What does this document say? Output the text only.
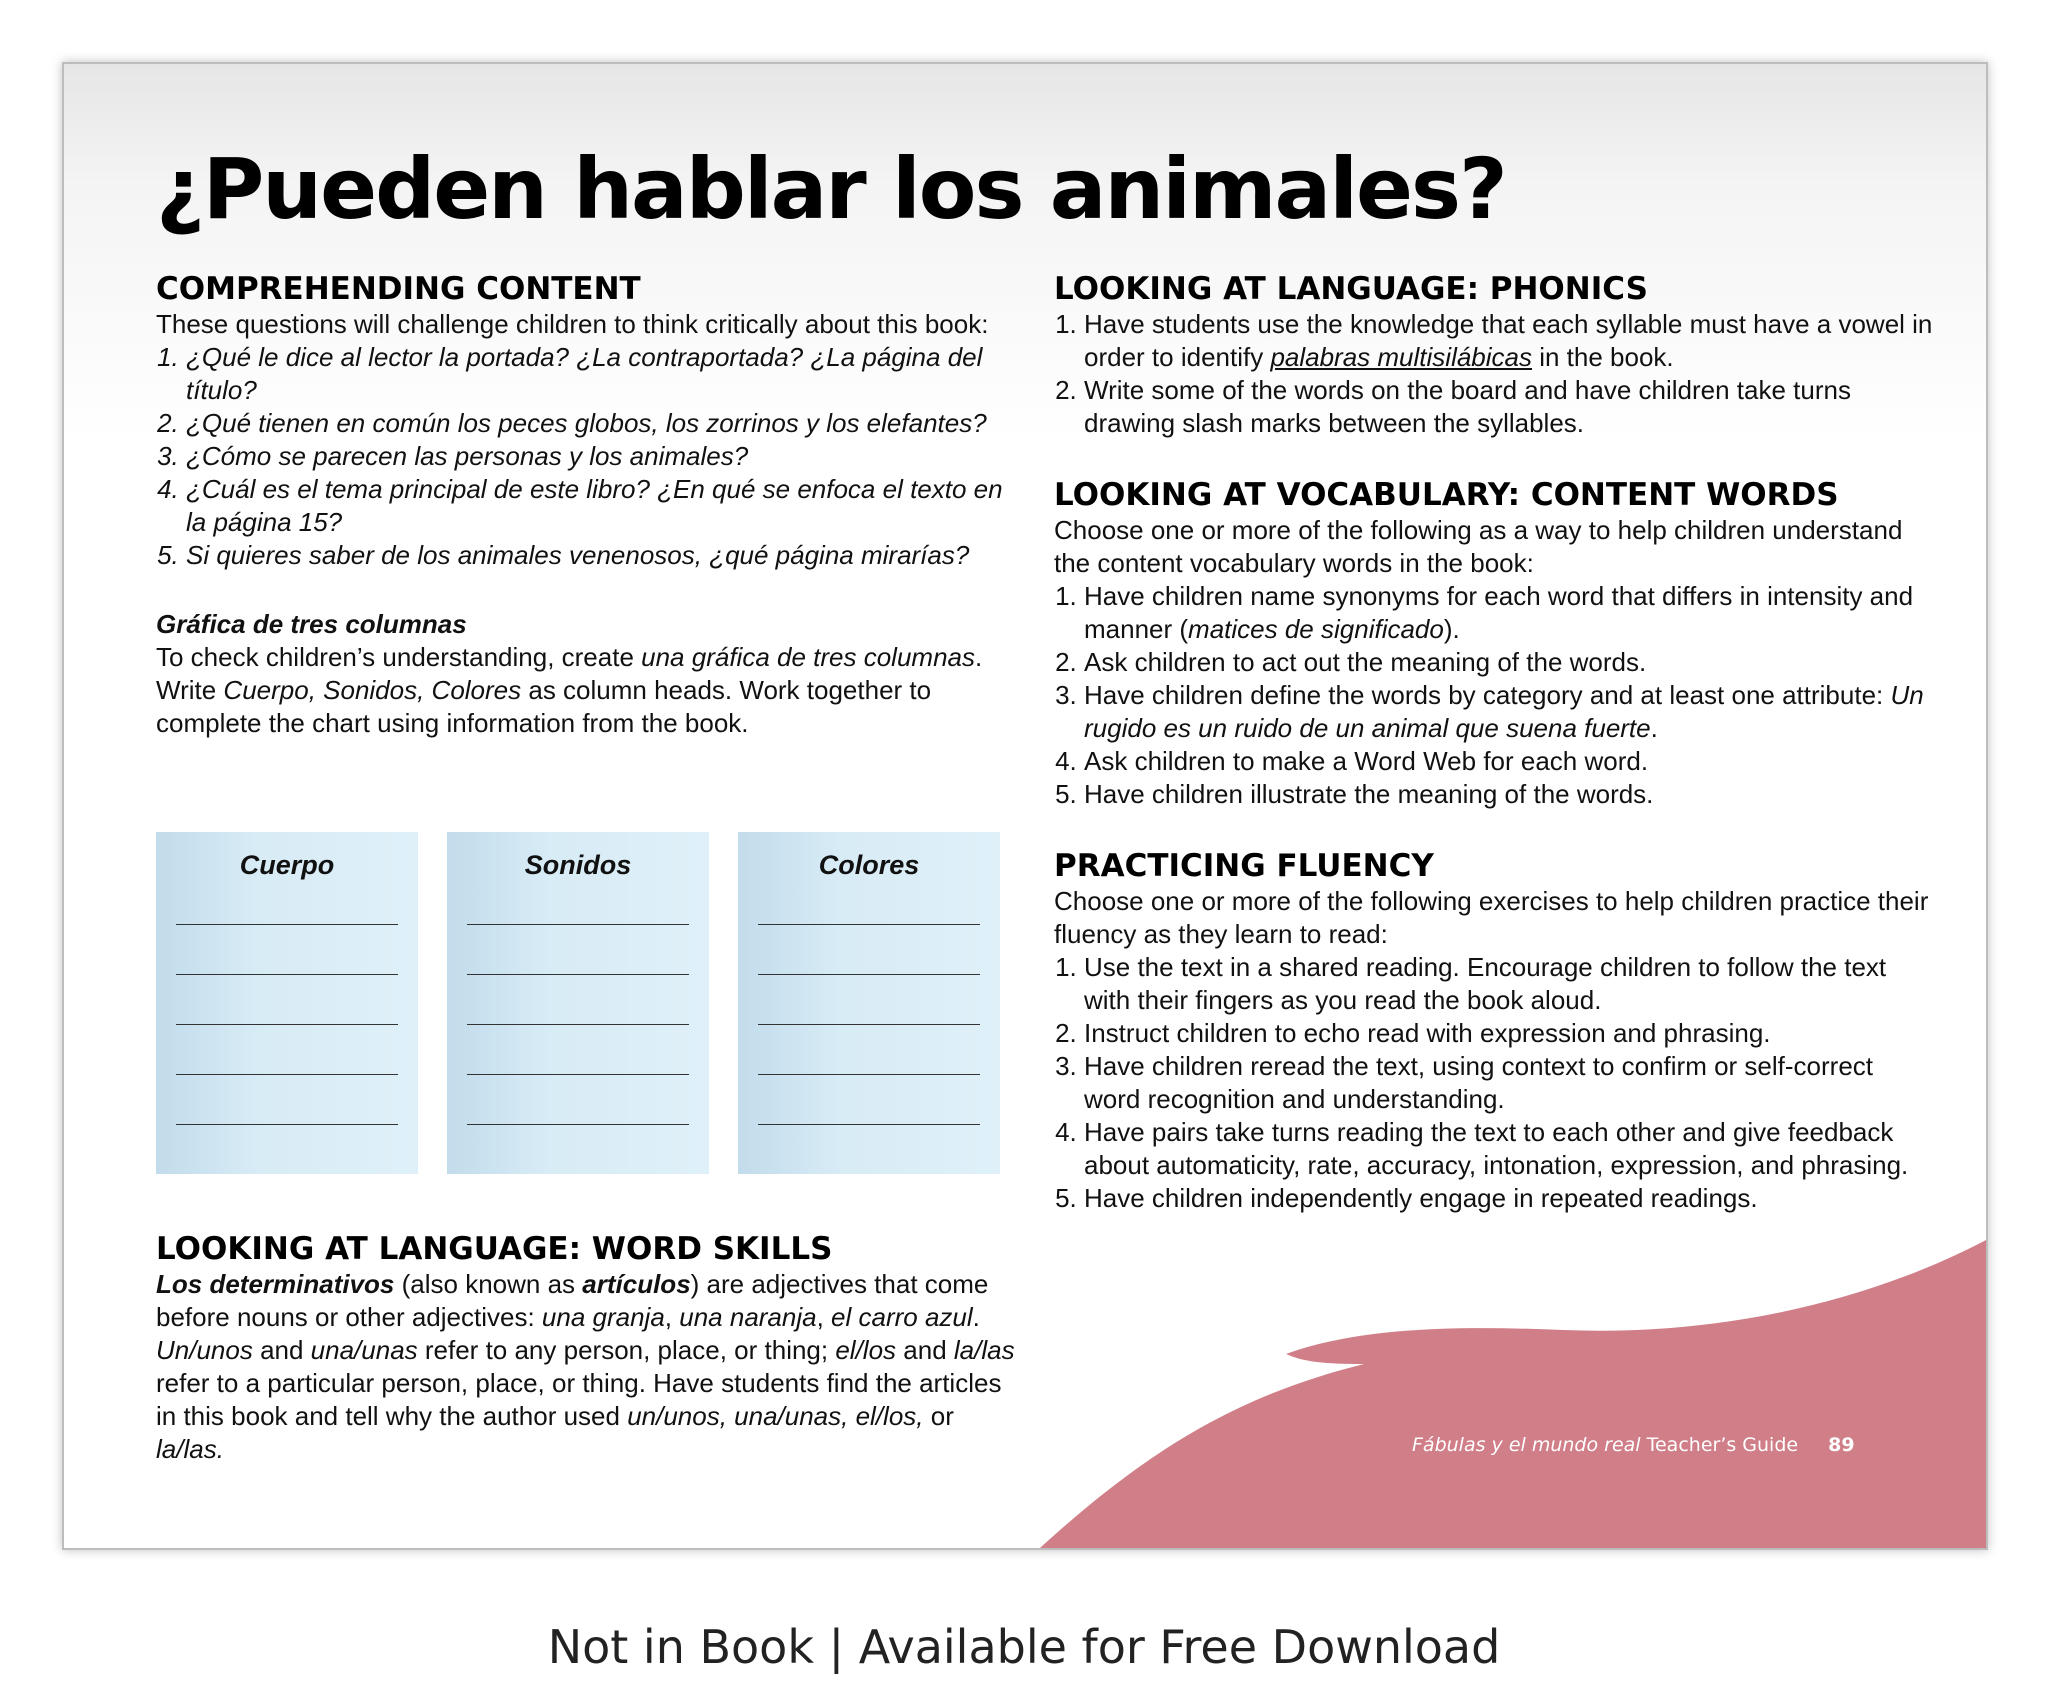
¿Pueden hablar los animales?
COMPREHENDING CONTENT

These questions will challenge children to think critically about this book:

1. ¿Qué le dice al lector la portada? ¿La contraportada? ¿La página del título?
2. ¿Qué tienen en común los peces globos, los zorrinos y los elefantes?
3. ¿Cómo se parecen las personas y los animales?
4. ¿Cuál es el tema principal de este libro? ¿En qué se enfoca el texto en la página 15?
5. Si quieres saber de los animales venenosos, ¿qué página mirarías?
Gráfica de tres columnas

To check children’s understanding, create una gráfica de tres columnas. Write Cuerpo, Sonidos, Colores as column heads. Work together to complete the chart using information from the book.

Cuerpo	Sonidos	Colores
LOOKING AT LANGUAGE: WORD SKILLS

Los determinativos (also known as artículos) are adjectives that come before nouns or other adjectives: una granja, una naranja, el carro azul. Un/unos and una/unas refer to any person, place, or thing; el/los and la/las refer to a particular person, place, or thing. Have students find the articles in this book and tell why the author used un/unos, una/unas, el/los, or la/las.

LOOKING AT LANGUAGE: PHONICS
1. Have students use the knowledge that each syllable must have a vowel in order to identify palabras multisilábicas in the book.
2. Write some of the words on the board and have children take turns drawing slash marks between the syllables.
LOOKING AT VOCABULARY: CONTENT WORDS

Choose one or more of the following as a way to help children understand the content vocabulary words in the book:

1. Have children name synonyms for each word that differs in intensity and manner (matices de significado).
2. Ask children to act out the meaning of the words.
3. Have children define the words by category and at least one attribute: Un rugido es un ruido de un animal que suena fuerte.
4. Ask children to make a Word Web for each word.
5. Have children illustrate the meaning of the words.
PRACTICING FLUENCY

Choose one or more of the following exercises to help children practice their fluency as they learn to read:

1. Use the text in a shared reading. Encourage children to follow the text with their fingers as you read the book aloud.
2. Instruct children to echo read with expression and phrasing.
3. Have children reread the text, using context to confirm or self-correct word recognition and understanding.
4. Have pairs take turns reading the text to each other and give feedback about automaticity, rate, accuracy, intonation, expression, and phrasing.
5. Have children independently engage in repeated readings.
Fábulas y el mundo real Teacher’s Guide 89
Not in Book | Available for Free Download
